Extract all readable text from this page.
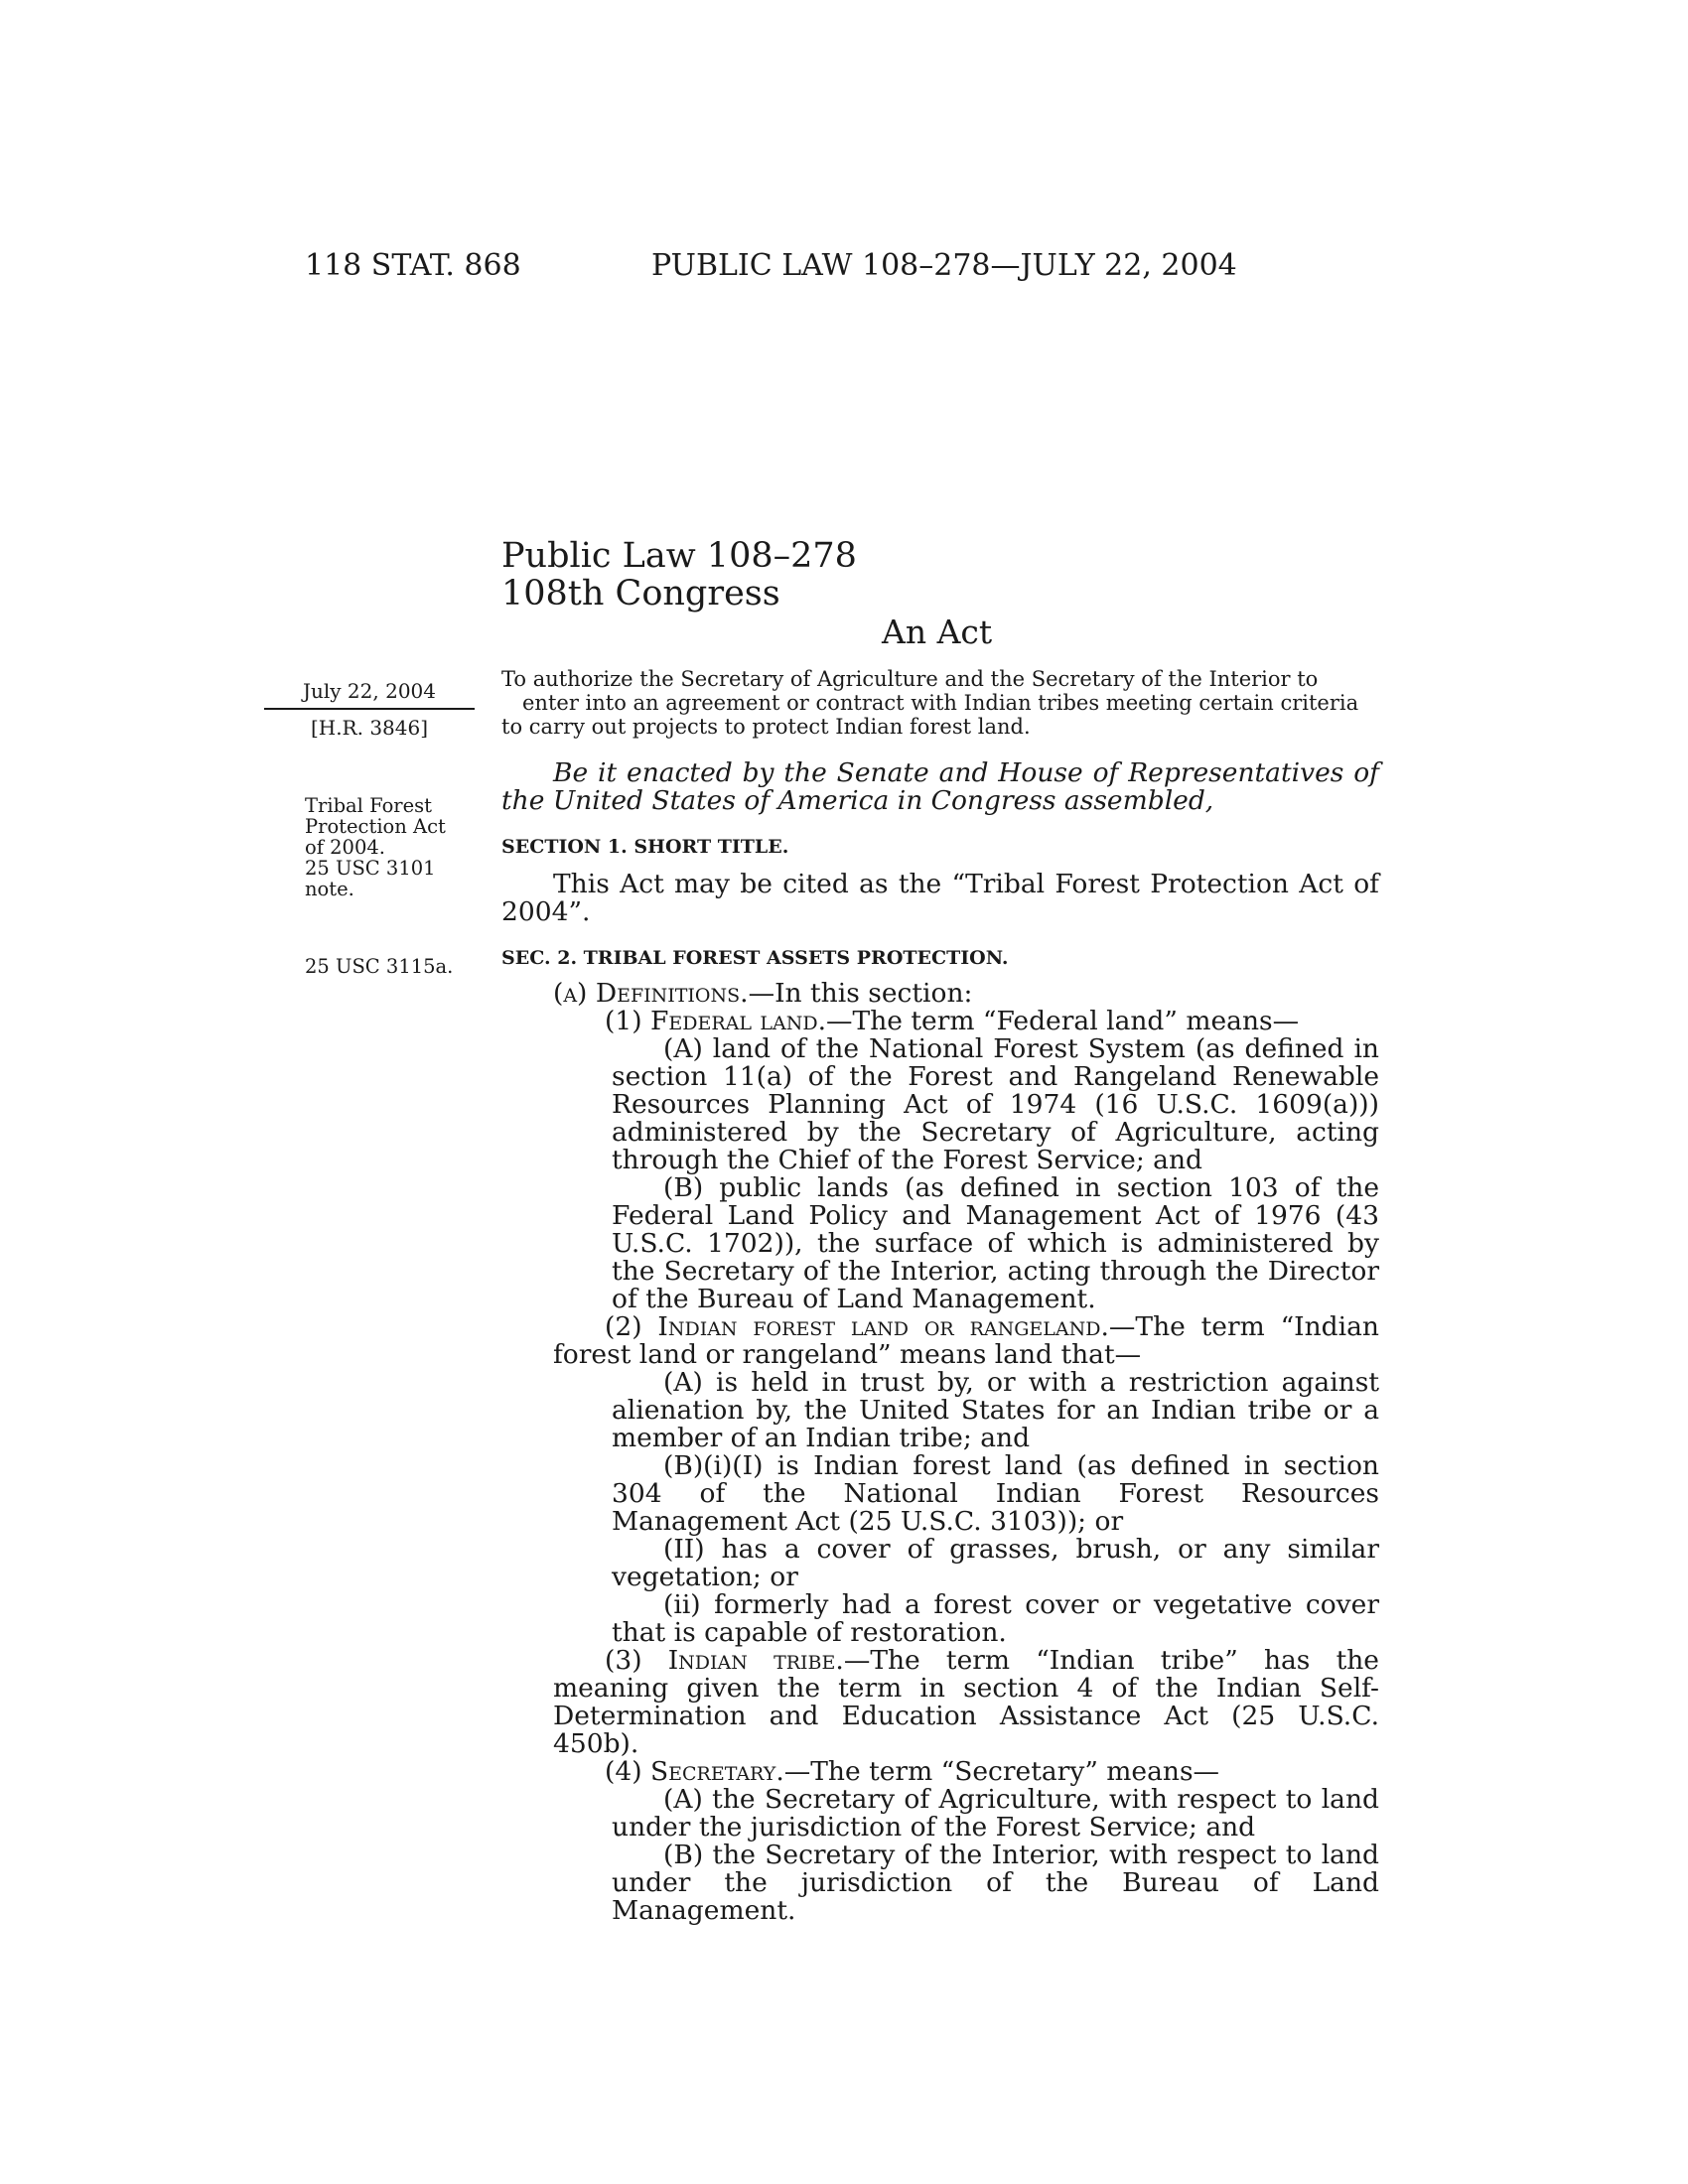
118 STAT. 868	PUBLIC LAW 108–278—JULY 22, 2004
Public Law 108–278
108th Congress
An Act
July 22, 2004
[H.R. 3846]
To authorize the Secretary of Agriculture and the Secretary of the Interior to
enter into an agreement or contract with Indian tribes meeting certain criteria
to carry out projects to protect Indian forest land.
Tribal Forest
Protection Act
of 2004.
25 USC 3101
note.
25 USC 3115a.

Be it enacted by the Senate and House of Representatives of the United States of America in Congress assembled,

SECTION 1. SHORT TITLE.

This Act may be cited as the “Tribal Forest Protection Act of 2004”.

SEC. 2. TRIBAL FOREST ASSETS PROTECTION.

(a) Definitions.—In this section:

(1) Federal land.—The term “Federal land” means—

(A) land of the National Forest System (as defined in section 11(a) of the Forest and Rangeland Renewable Resources Planning Act of 1974 (16 U.S.C. 1609(a))) administered by the Secretary of Agriculture, acting through the Chief of the Forest Service; and

(B) public lands (as defined in section 103 of the Federal Land Policy and Management Act of 1976 (43 U.S.C. 1702)), the surface of which is administered by the Secretary of the Interior, acting through the Director of the Bureau of Land Management.

(2) Indian forest land or rangeland.—The term “Indian forest land or rangeland” means land that—

(A) is held in trust by, or with a restriction against alienation by, the United States for an Indian tribe or a member of an Indian tribe; and

(B)(i)(I) is Indian forest land (as defined in section 304 of the National Indian Forest Resources Management Act (25 U.S.C. 3103)); or

(II) has a cover of grasses, brush, or any similar vegetation; or

(ii) formerly had a forest cover or vegetative cover that is capable of restoration.

(3) Indian tribe.—The term “Indian tribe” has the meaning given the term in section 4 of the Indian Self-Determination and Education Assistance Act (25 U.S.C. 450b).

(4) Secretary.—The term “Secretary” means—

(A) the Secretary of Agriculture, with respect to land under the jurisdiction of the Forest Service; and

(B) the Secretary of the Interior, with respect to land under the jurisdiction of the Bureau of Land Management.
